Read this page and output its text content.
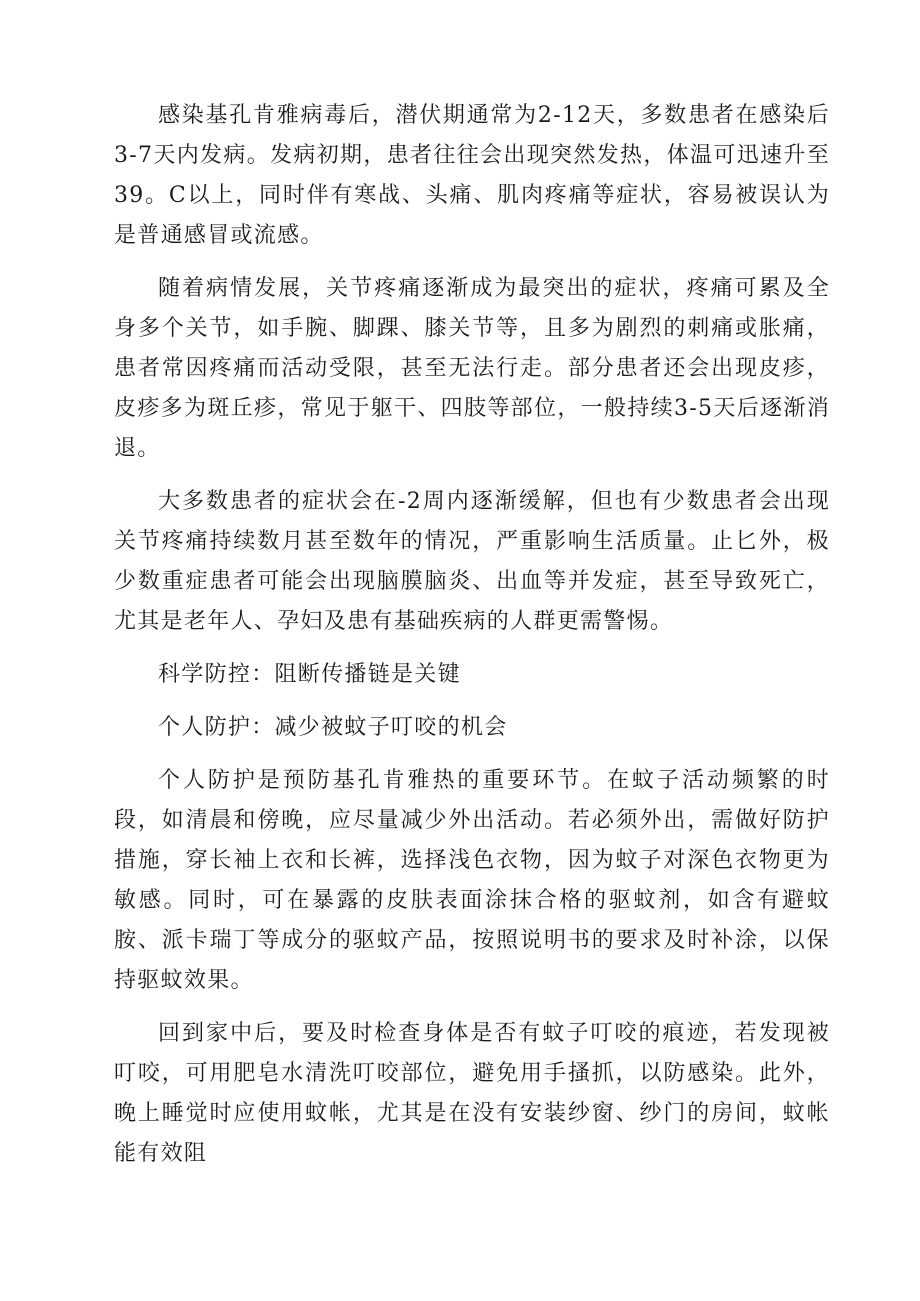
感染基孔肯雅病毒后，潜伏期通常为2-12天，多数患者在感染后3-7天内发病。发病初期，患者往往会出现突然发热，体温可迅速升至39。C以上，同时伴有寒战、头痛、肌肉疼痛等症状，容易被误认为是普通感冒或流感。

随着病情发展，关节疼痛逐渐成为最突出的症状，疼痛可累及全身多个关节，如手腕、脚踝、膝关节等，且多为剧烈的刺痛或胀痛，患者常因疼痛而活动受限，甚至无法行走。部分患者还会出现皮疹，皮疹多为斑丘疹，常见于躯干、四肢等部位，一般持续3-5天后逐渐消退。

大多数患者的症状会在-2周内逐渐缓解，但也有少数患者会出现关节疼痛持续数月甚至数年的情况，严重影响生活质量。止匕外，极少数重症患者可能会出现脑膜脑炎、出血等并发症，甚至导致死亡，尤其是老年人、孕妇及患有基础疾病的人群更需警惕。

科学防控：阻断传播链是关键

个人防护：减少被蚊子叮咬的机会

个人防护是预防基孔肯雅热的重要环节。在蚊子活动频繁的时段，如清晨和傍晚，应尽量减少外出活动。若必须外出，需做好防护措施，穿长袖上衣和长裤，选择浅色衣物，因为蚊子对深色衣物更为敏感。同时，可在暴露的皮肤表面涂抹合格的驱蚊剂，如含有避蚊胺、派卡瑞丁等成分的驱蚊产品，按照说明书的要求及时补涂，以保持驱蚊效果。

回到家中后，要及时检查身体是否有蚊子叮咬的痕迹，若发现被叮咬，可用肥皂水清洗叮咬部位，避免用手搔抓，以防感染。此外，晚上睡觉时应使用蚊帐，尤其是在没有安装纱窗、纱门的房间，蚊帐能有效阻
